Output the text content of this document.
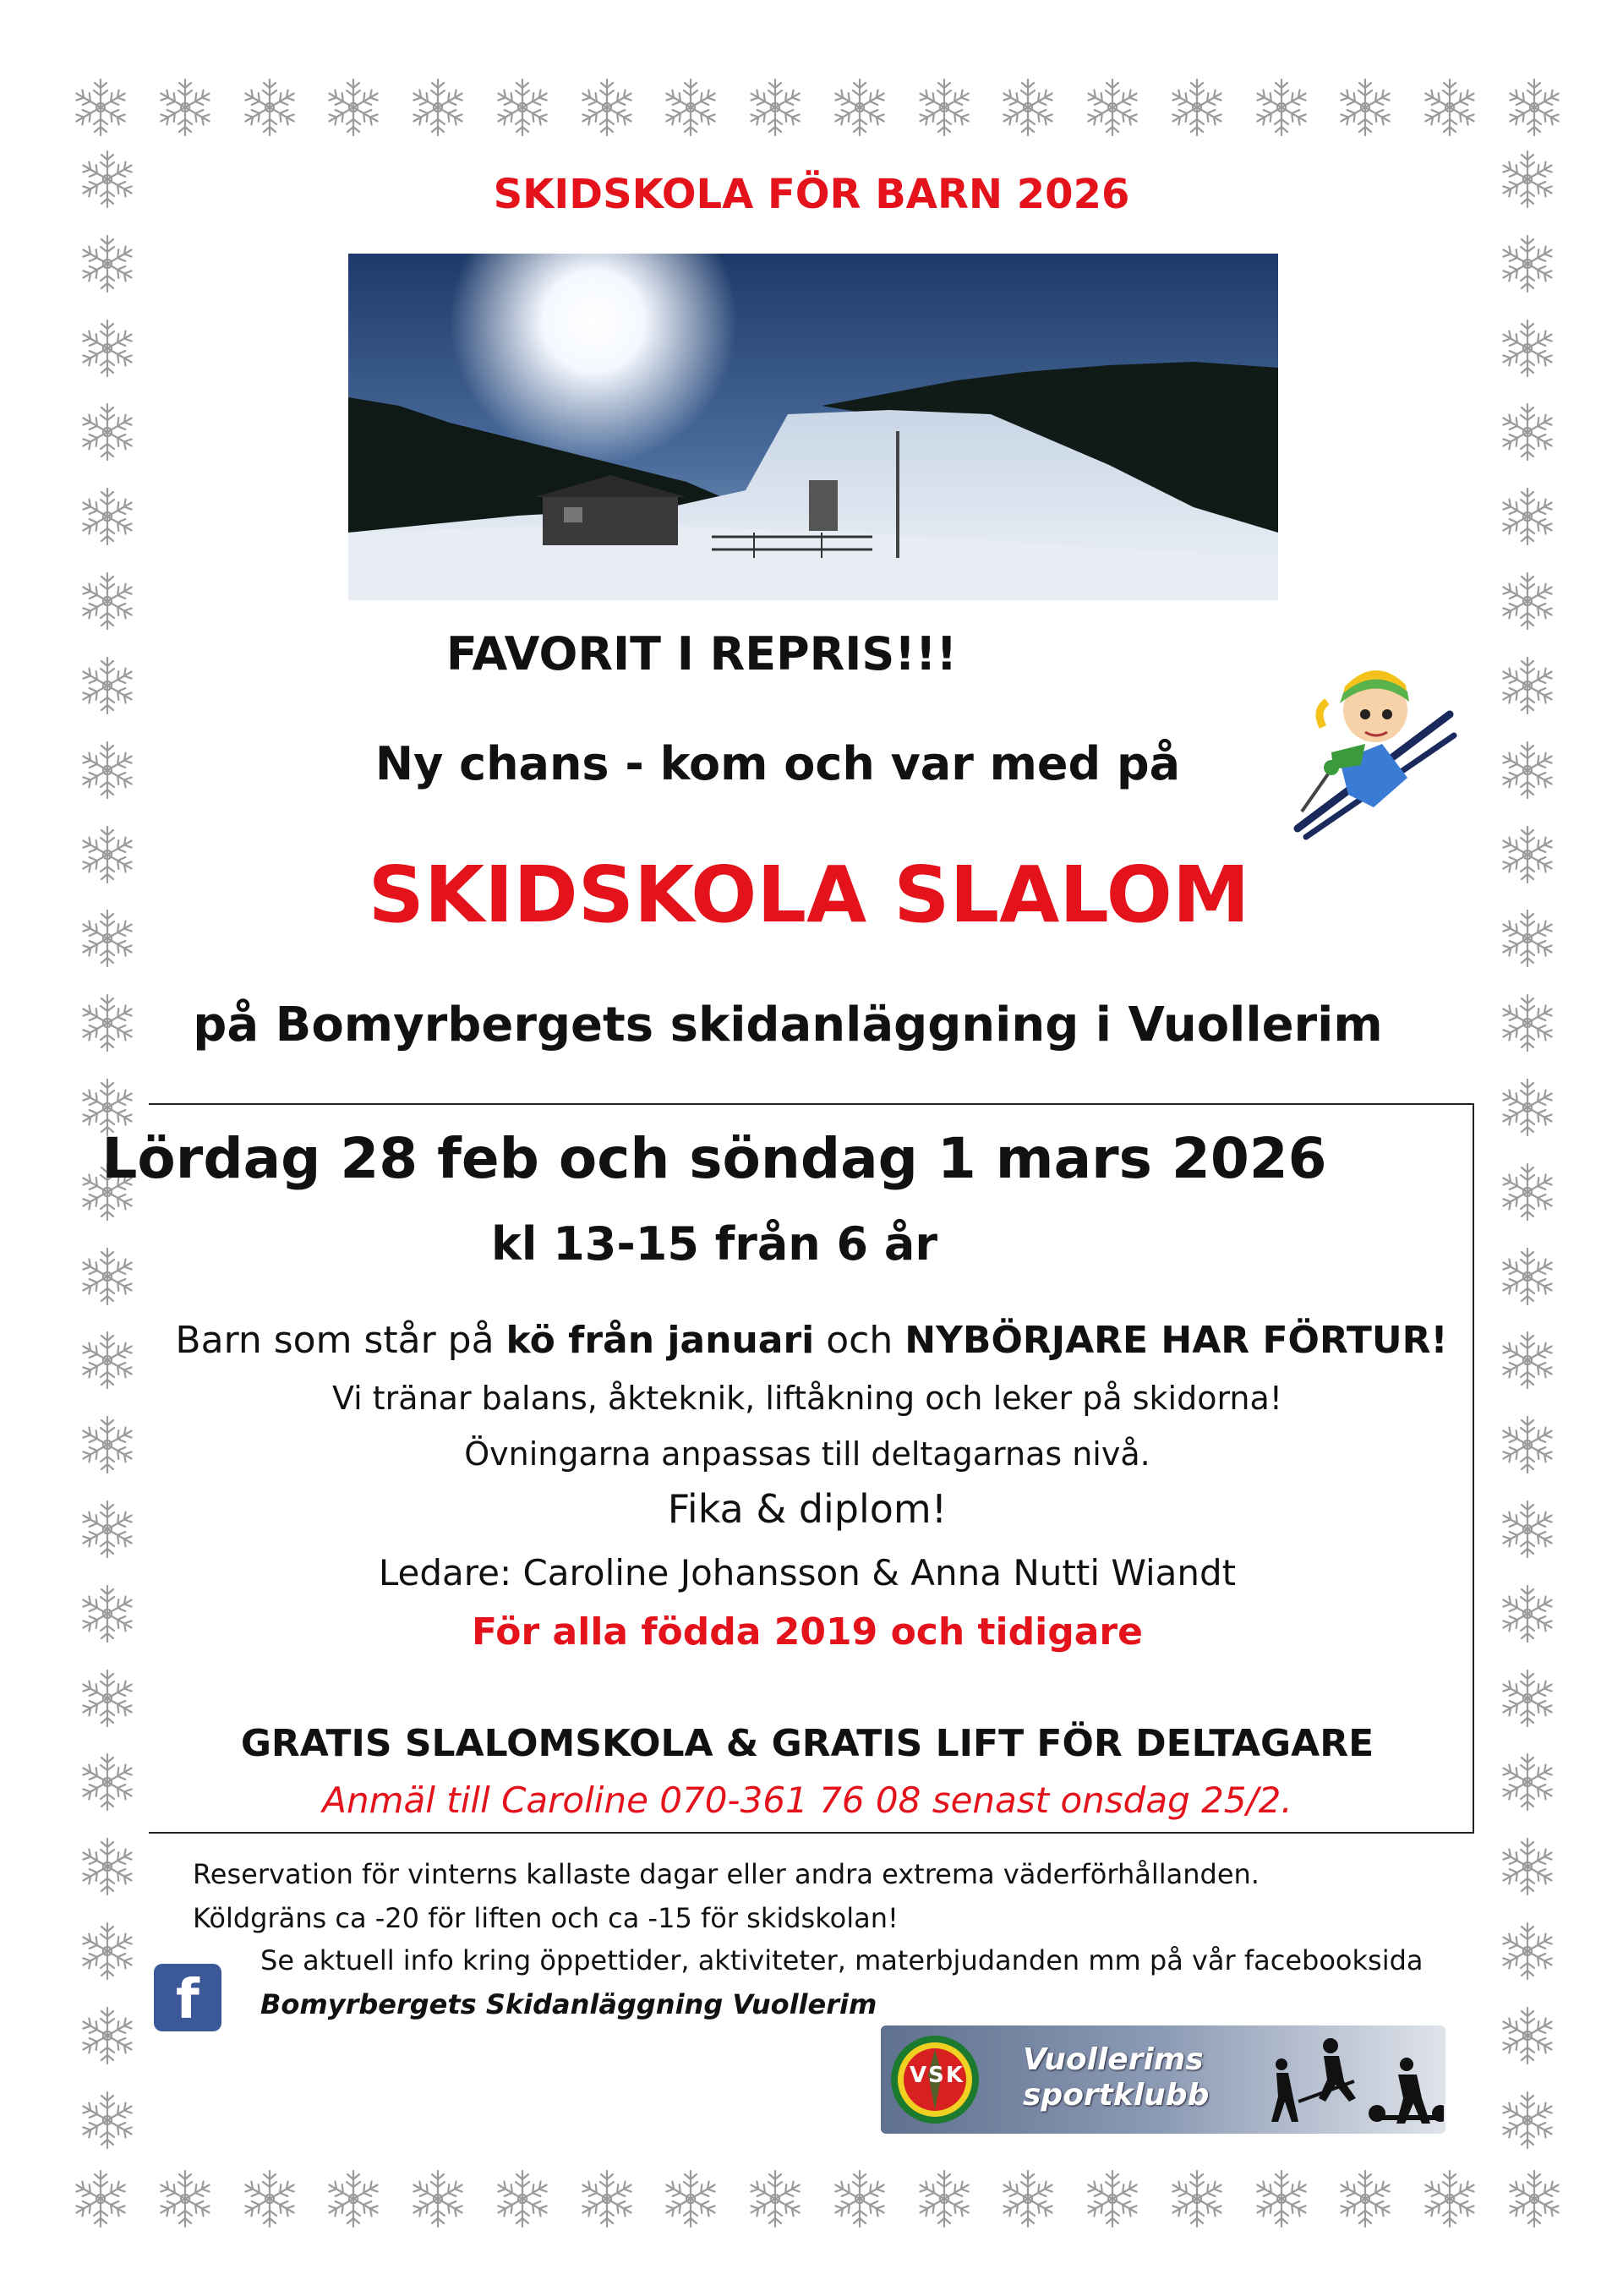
SKIDSKOLA FÖR BARN 2026

FAVORIT I REPRIS!!!

Ny chans - kom och var med på

SKIDSKOLA SLALOM

på Bomyrbergets skidanläggning i Vuollerim

Lördag 28 feb och söndag 1 mars 2026

kl 13-15 från 6 år

Barn som står på kö från januari och NYBÖRJARE HAR FÖRTUR!

Vi tränar balans, åkteknik, liftåkning och leker på skidorna!

Övningarna anpassas till deltagarnas nivå.

Fika & diplom!

Ledare: Caroline Johansson & Anna Nutti Wiandt

För alla födda 2019 och tidigare

GRATIS SLALOMSKOLA & GRATIS LIFT FÖR DELTAGARE

Anmäl till Caroline 070-361 76 08 senast onsdag 25/2.

Reservation för vinterns kallaste dagar eller andra extrema väderförhållanden.

Köldgräns ca -20 för liften och ca -15 för skidskolan!

f

Se aktuell info kring öppettider, aktiviteter, materbjudanden mm på vår facebooksida

Bomyrbergets Skidanläggning Vuollerim

VSK Vuollerims
sportklubb
